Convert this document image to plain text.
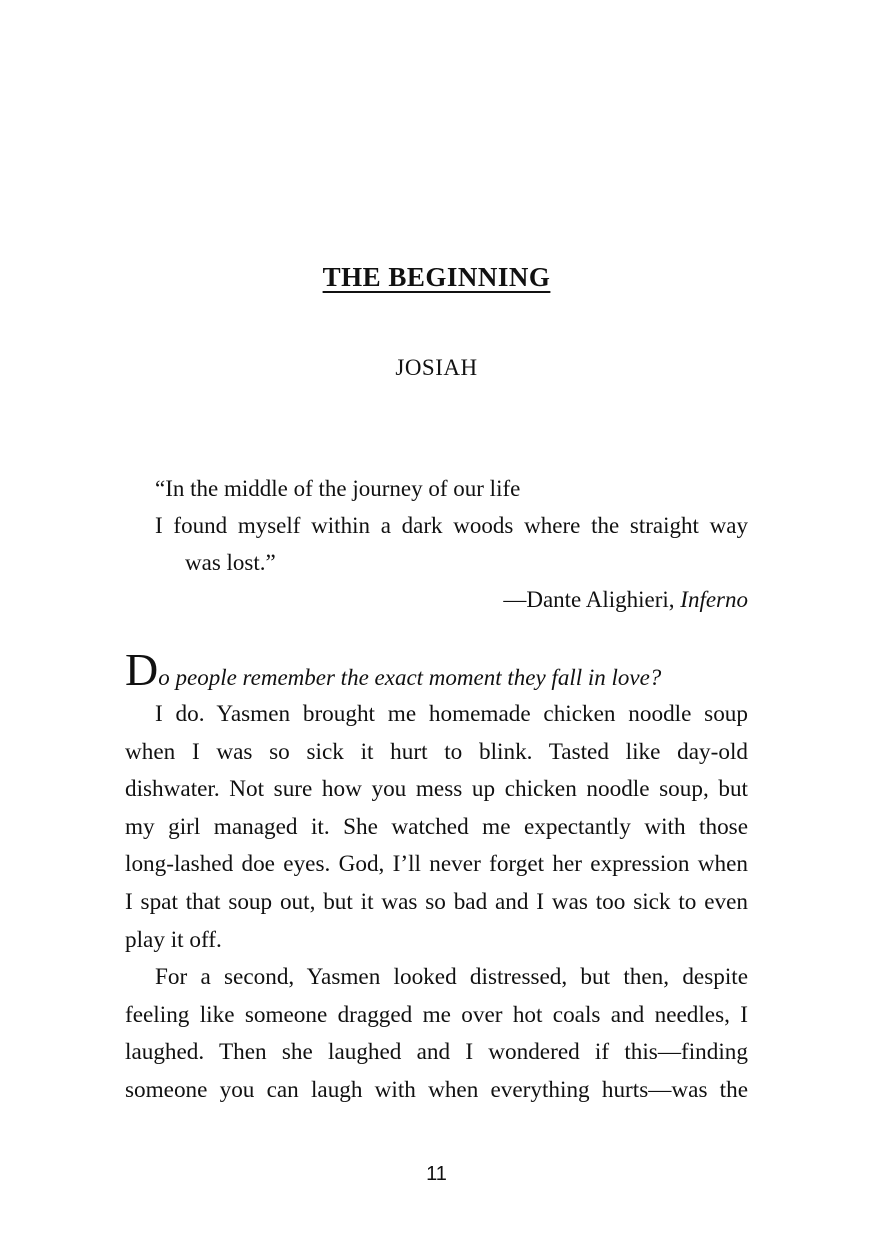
THE BEGINNING
JOSIAH
“In the middle of the journey of our life
I found myself within a dark woods where the straight way
was lost.”
—Dante Alighieri, Inferno
Do people remember the exact moment they fall in love?
I do. Yasmen brought me homemade chicken noodle soup
when I was so sick it hurt to blink. Tasted like day-old
dishwater. Not sure how you mess up chicken noodle soup, but
my girl managed it. She watched me expectantly with those
long-lashed doe eyes. God, I’ll never forget her expression when
I spat that soup out, but it was so bad and I was too sick to even
play it off.
For a second, Yasmen looked distressed, but then, despite
feeling like someone dragged me over hot coals and needles, I
laughed. Then she laughed and I wondered if this—finding
someone you can laugh with when everything hurts—was the
11
